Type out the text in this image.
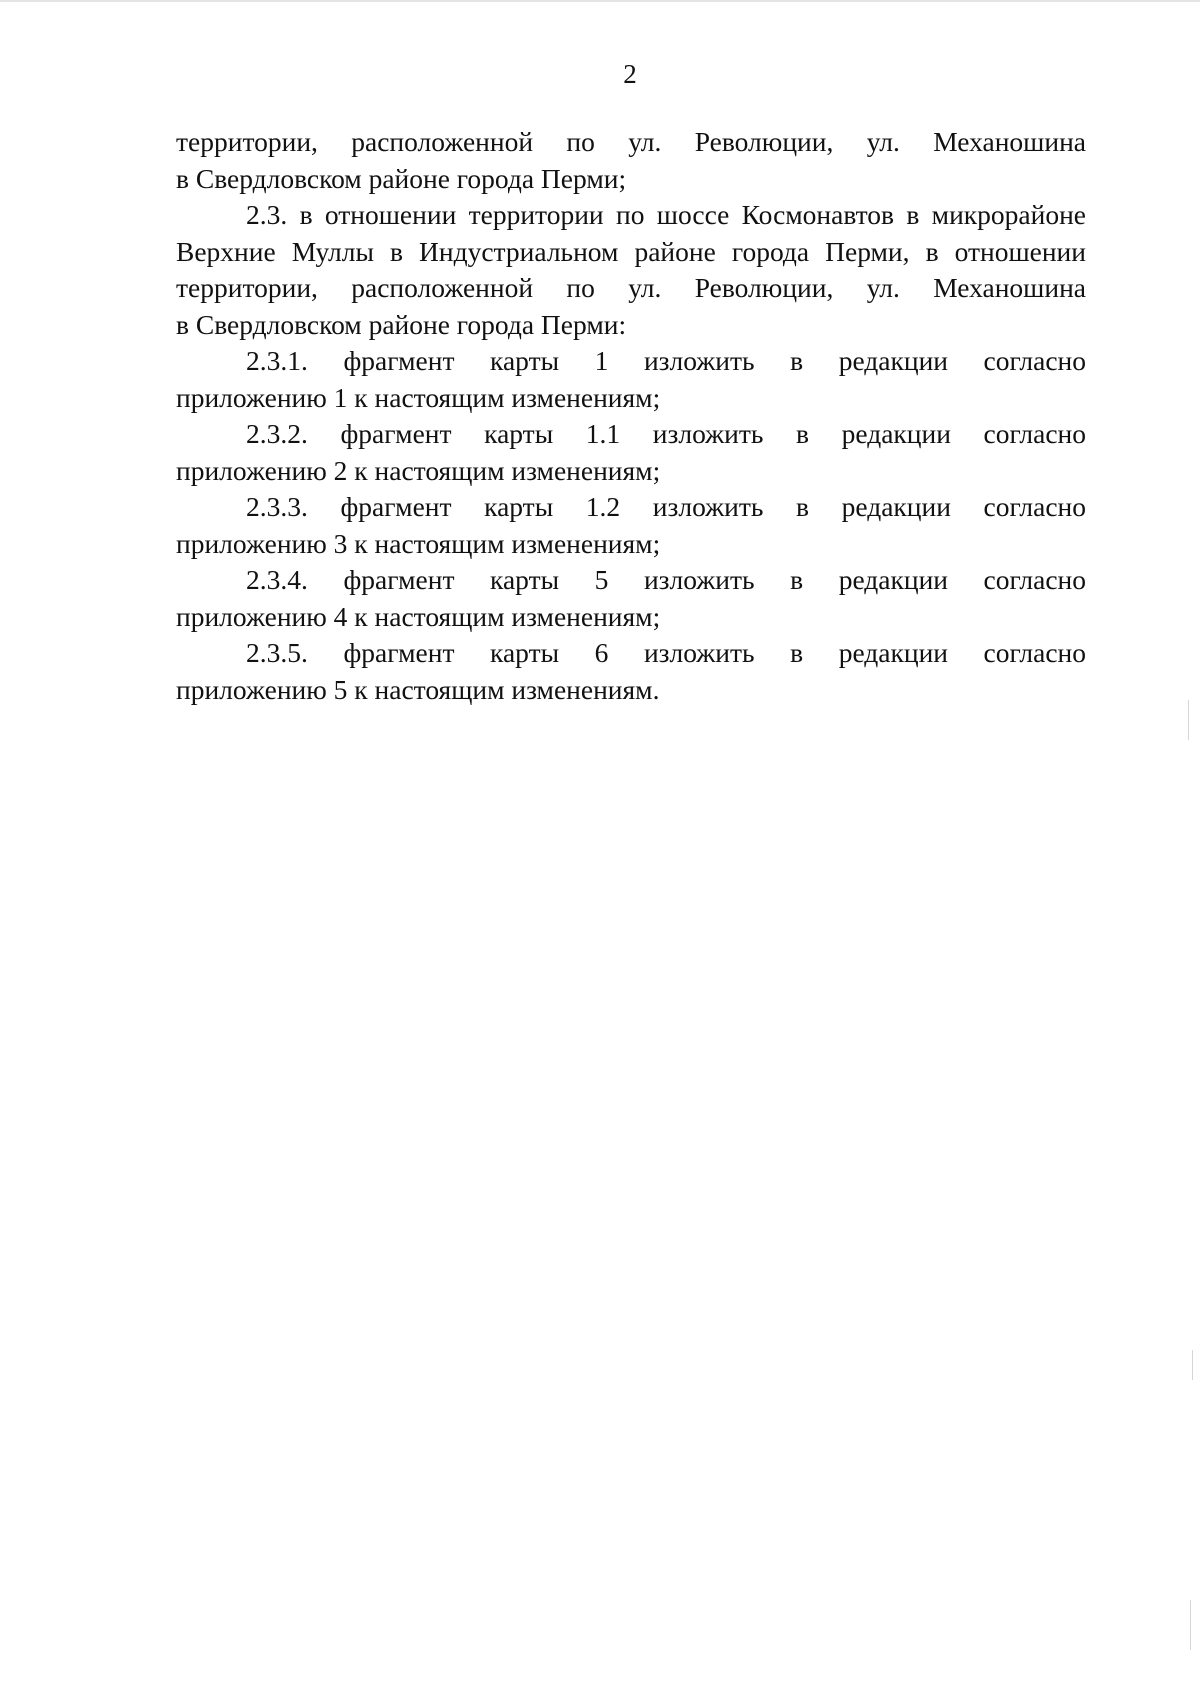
2

территории, расположенной по ул. Революции, ул. Механошина
в Свердловском районе города Перми;

2.3. в отношении территории по шоссе Космонавтов в микрорайоне
Верхние Муллы в Индустриальном районе города Перми, в отношении
территории, расположенной по ул. Революции, ул. Механошина
в Свердловском районе города Перми:

2.3.1. фрагмент карты 1 изложить в редакции согласно
приложению 1 к настоящим изменениям;

2.3.2. фрагмент карты 1.1 изложить в редакции согласно
приложению 2 к настоящим изменениям;

2.3.3. фрагмент карты 1.2 изложить в редакции согласно
приложению 3 к настоящим изменениям;

2.3.4. фрагмент карты 5 изложить в редакции согласно
приложению 4 к настоящим изменениям;

2.3.5. фрагмент карты 6 изложить в редакции согласно
приложению 5 к настоящим изменениям.
